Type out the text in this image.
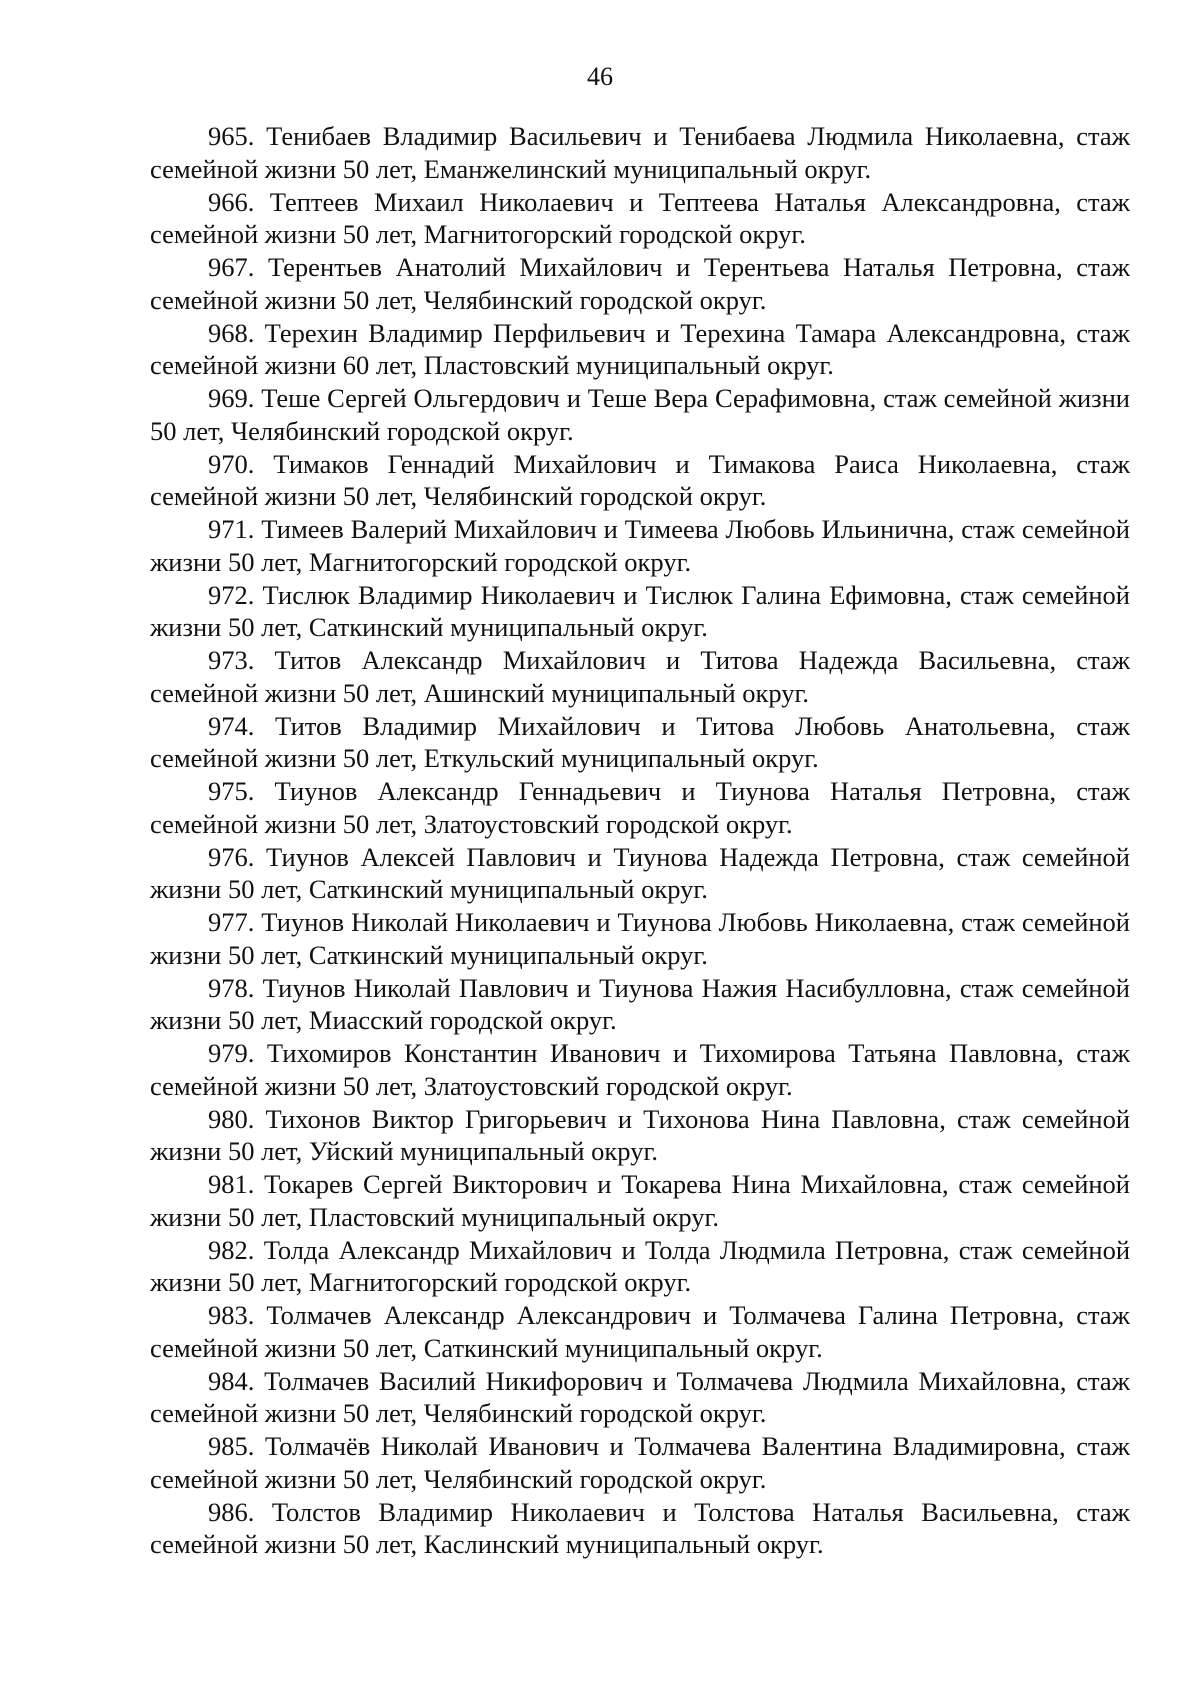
46

965. Тенибаев Владимир Васильевич и Тенибаева Людмила Николаевна, стаж семейной жизни 50 лет, Еманжелинский муниципальный округ.

966. Тептеев Михаил Николаевич и Тептеева Наталья Александровна, стаж семейной жизни 50 лет, Магнитогорский городской округ.

967. Терентьев Анатолий Михайлович и Терентьева Наталья Петровна, стаж семейной жизни 50 лет, Челябинский городской округ.

968. Терехин Владимир Перфильевич и Терехина Тамара Александровна, стаж семейной жизни 60 лет, Пластовский муниципальный округ.

969. Теше Сергей Ольгердович и Теше Вера Серафимовна, стаж семейной жизни 50 лет, Челябинский городской округ.

970. Тимаков Геннадий Михайлович и Тимакова Раиса Николаевна, стаж семейной жизни 50 лет, Челябинский городской округ.

971. Тимеев Валерий Михайлович и Тимеева Любовь Ильинична, стаж семейной жизни 50 лет, Магнитогорский городской округ.

972. Тислюк Владимир Николаевич и Тислюк Галина Ефимовна, стаж семейной жизни 50 лет, Саткинский муниципальный округ.

973. Титов Александр Михайлович и Титова Надежда Васильевна, стаж семейной жизни 50 лет, Ашинский муниципальный округ.

974. Титов Владимир Михайлович и Титова Любовь Анатольевна, стаж семейной жизни 50 лет, Еткульский муниципальный округ.

975. Тиунов Александр Геннадьевич и Тиунова Наталья Петровна, стаж семейной жизни 50 лет, Златоустовский городской округ.

976. Тиунов Алексей Павлович и Тиунова Надежда Петровна, стаж семейной жизни 50 лет, Саткинский муниципальный округ.

977. Тиунов Николай Николаевич и Тиунова Любовь Николаевна, стаж семейной жизни 50 лет, Саткинский муниципальный округ.

978. Тиунов Николай Павлович и Тиунова Нажия Насибулловна, стаж семейной жизни 50 лет, Миасский городской округ.

979. Тихомиров Константин Иванович и Тихомирова Татьяна Павловна, стаж семейной жизни 50 лет, Златоустовский городской округ.

980. Тихонов Виктор Григорьевич и Тихонова Нина Павловна, стаж семейной жизни 50 лет, Уйский муниципальный округ.

981. Токарев Сергей Викторович и Токарева Нина Михайловна, стаж семейной жизни 50 лет, Пластовский муниципальный округ.

982. Толда Александр Михайлович и Толда Людмила Петровна, стаж семейной жизни 50 лет, Магнитогорский городской округ.

983. Толмачев Александр Александрович и Толмачева Галина Петровна, стаж семейной жизни 50 лет, Саткинский муниципальный округ.

984. Толмачев Василий Никифорович и Толмачева Людмила Михайловна, стаж семейной жизни 50 лет, Челябинский городской округ.

985. Толмачёв Николай Иванович и Толмачева Валентина Владимировна, стаж семейной жизни 50 лет, Челябинский городской округ.

986. Толстов Владимир Николаевич и Толстова Наталья Васильевна, стаж семейной жизни 50 лет, Каслинский муниципальный округ.
